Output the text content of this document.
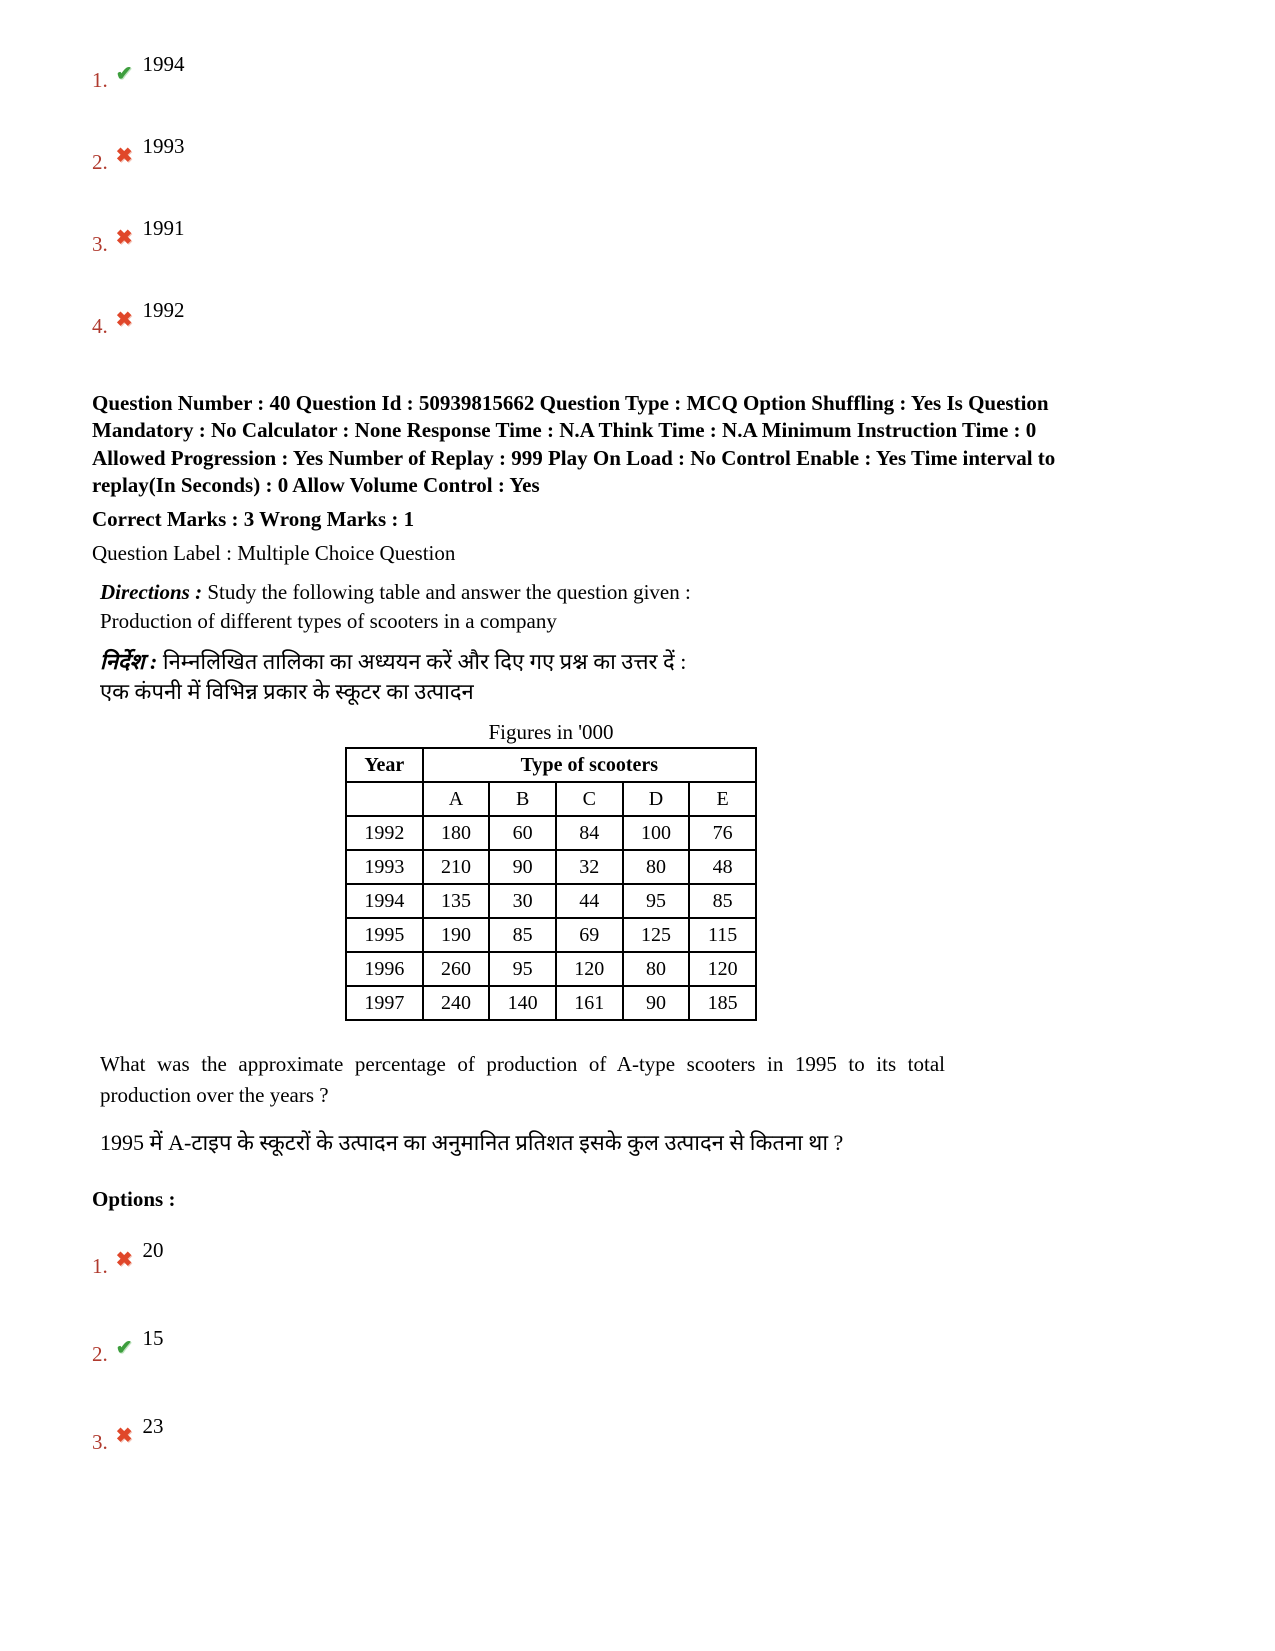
1. ✔ 1994
2. ✖ 1993
3. ✖ 1991
4. ✖ 1992

Question Number : 40 Question Id : 50939815662 Question Type : MCQ Option Shuffling : Yes Is Question Mandatory : No Calculator : None Response Time : N.A Think Time : N.A Minimum Instruction Time : 0 Allowed Progression : Yes Number of Replay : 999 Play On Load : No Control Enable : Yes Time interval to replay(In Seconds) : 0 Allow Volume Control : Yes

Correct Marks : 3 Wrong Marks : 1

Question Label : Multiple Choice Question

Directions : Study the following table and answer the question given :
Production of different types of scooters in a company
निर्देश : निम्नलिखित तालिका का अध्ययन करें और दिए गए प्रश्न का उत्तर दें :
एक कंपनी में विभिन्न प्रकार के स्कूटर का उत्पादन
Figures in '000
Year	Type of scooters				
	A	B	C	D	E
1992	180	60	84	100	76
1993	210	90	32	80	48
1994	135	30	44	95	85
1995	190	85	69	125	115
1996	260	95	120	80	120
1997	240	140	161	90	185

What was the approximate percentage of production of A-type scooters in 1995 to its total production over the years ?

1995 में A-टाइप के स्कूटरों के उत्पादन का अनुमानित प्रतिशत इसके कुल उत्पादन से कितना था ?

Options :

1. ✖ 20
2. ✔ 15
3. ✖ 23
